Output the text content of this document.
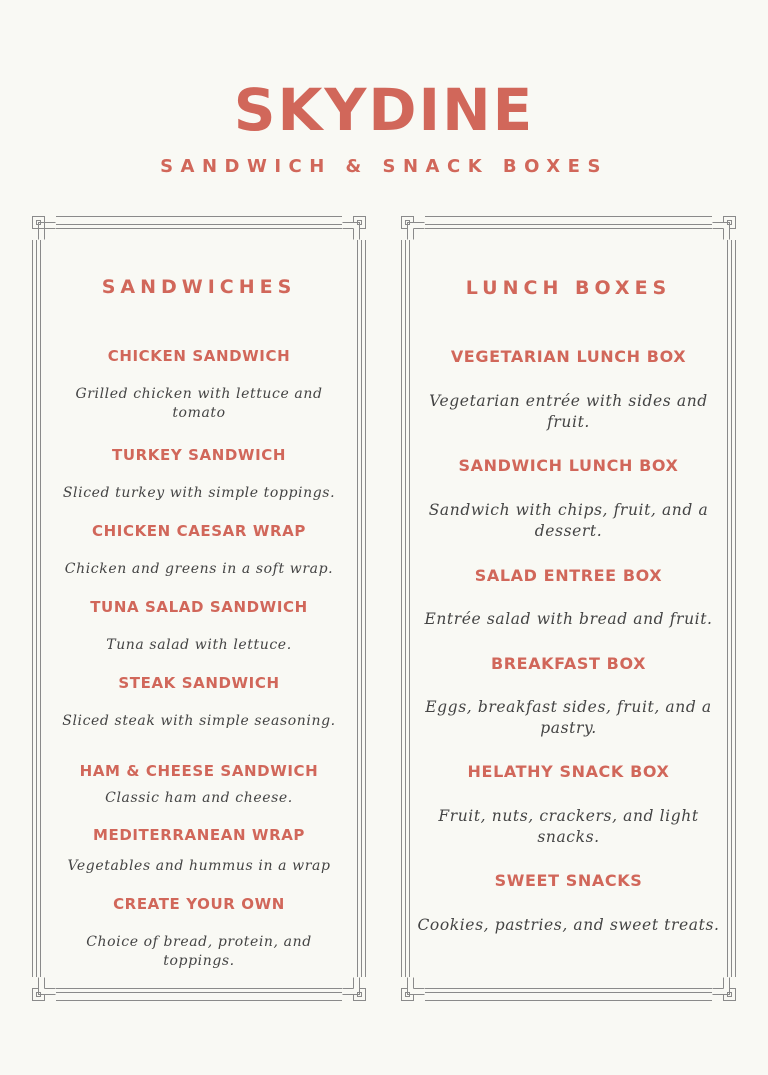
SKYDINE
SANDWICH & SNACK BOXES
SANDWICHES
CHICKEN SANDWICH
Grilled chicken with lettuce and tomato
TURKEY SANDWICH
Sliced turkey with simple toppings.
CHICKEN CAESAR WRAP
Chicken and greens in a soft wrap.
TUNA SALAD SANDWICH
Tuna salad with lettuce.
STEAK SANDWICH
Sliced steak with simple seasoning.
HAM & CHEESE SANDWICH
Classic ham and cheese.
MEDITERRANEAN WRAP
Vegetables and hummus in a wrap
CREATE YOUR OWN
Choice of bread, protein, and toppings.
LUNCH BOXES
VEGETARIAN LUNCH BOX
Vegetarian entrée with sides and fruit.
SANDWICH LUNCH BOX
Sandwich with chips, fruit, and a dessert.
SALAD ENTREE BOX
Entrée salad with bread and fruit.
BREAKFAST BOX
Eggs, breakfast sides, fruit, and a pastry.
HELATHY SNACK BOX
Fruit, nuts, crackers, and light snacks.
SWEET SNACKS
Cookies, pastries, and sweet treats.
